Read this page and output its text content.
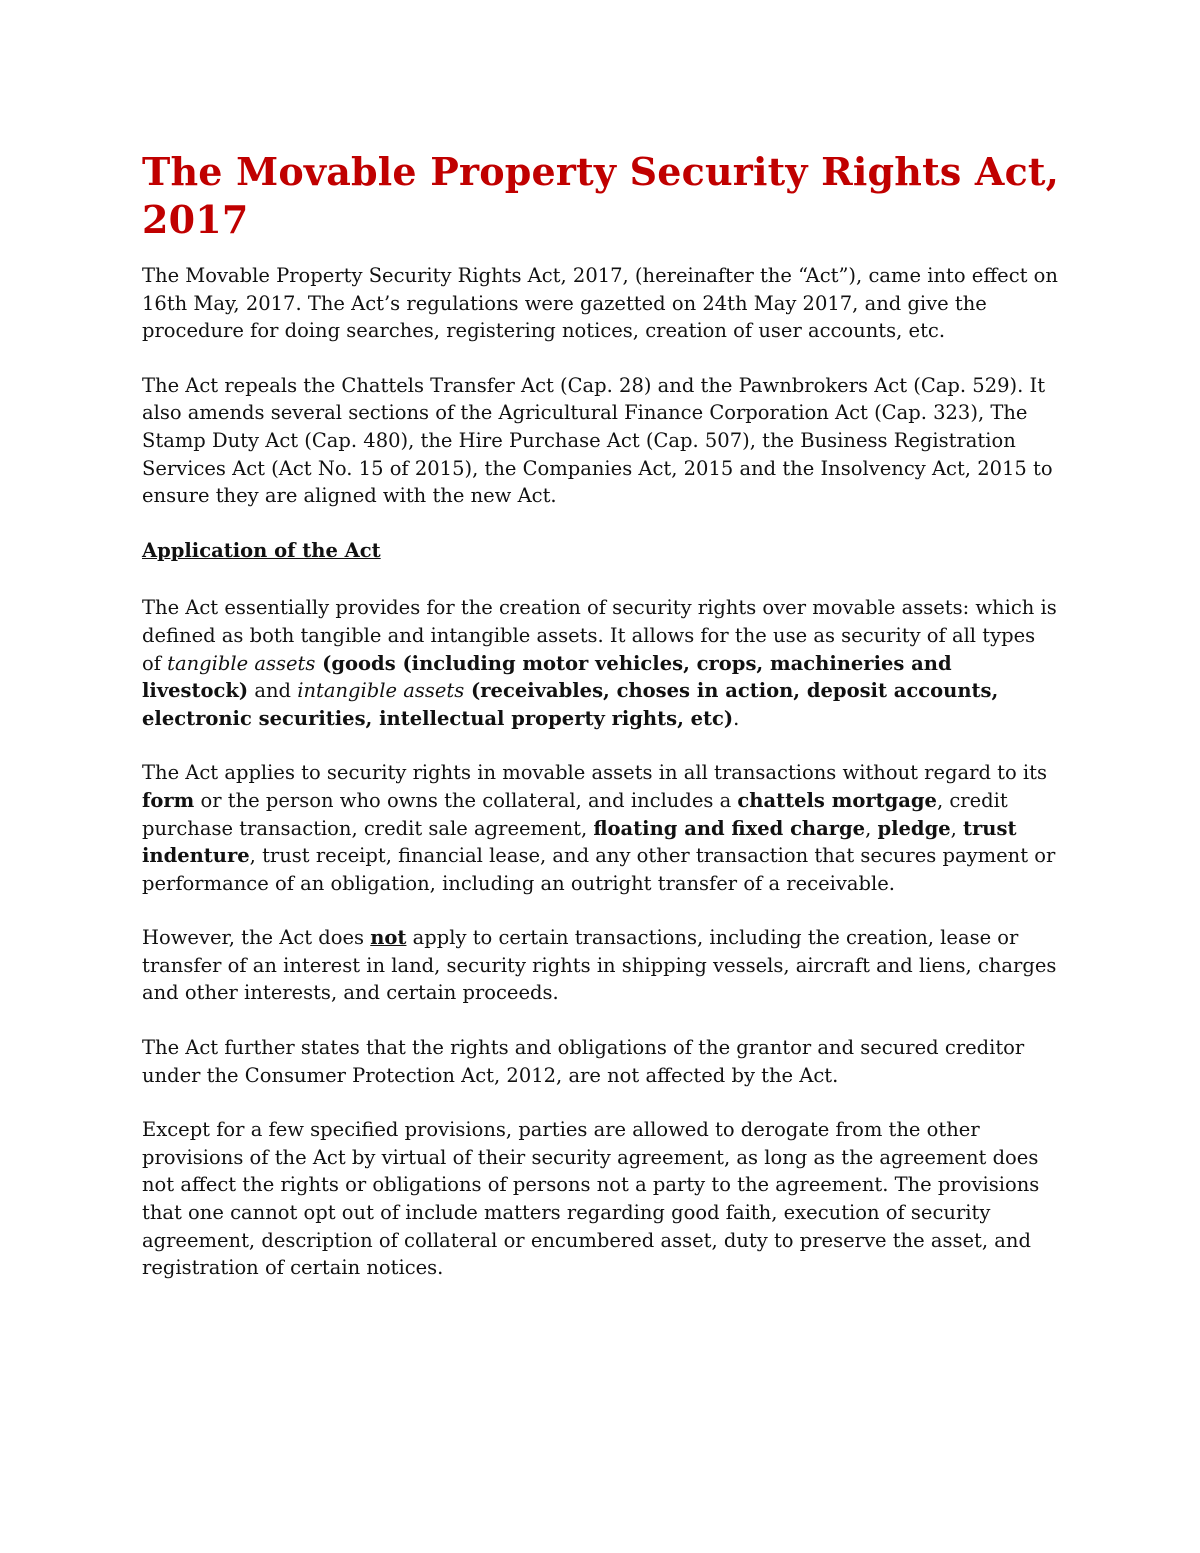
The Movable Property Security Rights Act, 2017

The Movable Property Security Rights Act, 2017, (hereinafter the “Act”), came into effect on 16th May, 2017. The Act’s regulations were gazetted on 24th May 2017, and give the procedure for doing searches, registering notices, creation of user accounts, etc.

The Act repeals the Chattels Transfer Act (Cap. 28) and the Pawnbrokers Act (Cap. 529). It also amends several sections of the Agricultural Finance Corporation Act (Cap. 323), The Stamp Duty Act (Cap. 480), the Hire Purchase Act (Cap. 507), the Business Registration Services Act (Act No. 15 of 2015), the Companies Act, 2015 and the Insolvency Act, 2015 to ensure they are aligned with the new Act.

Application of the Act

The Act essentially provides for the creation of security rights over movable assets: which is defined as both tangible and intangible assets. It allows for the use as security of all types of tangible assets (goods (including motor vehicles, crops, machineries and livestock) and intangible assets (receivables, choses in action, deposit accounts, electronic securities, intellectual property rights, etc).

The Act applies to security rights in movable assets in all transactions without regard to its form or the person who owns the collateral, and includes a chattels mortgage, credit purchase transaction, credit sale agreement, floating and fixed charge, pledge, trust indenture, trust receipt, financial lease, and any other transaction that secures payment or performance of an obligation, including an outright transfer of a receivable.

However, the Act does not apply to certain transactions, including the creation, lease or transfer of an interest in land, security rights in shipping vessels, aircraft and liens, charges and other interests, and certain proceeds.

The Act further states that the rights and obligations of the grantor and secured creditor under the Consumer Protection Act, 2012, are not affected by the Act.

Except for a few specified provisions, parties are allowed to derogate from the other provisions of the Act by virtual of their security agreement, as long as the agreement does not affect the rights or obligations of persons not a party to the agreement. The provisions that one cannot opt out of include matters regarding good faith, execution of security agreement, description of collateral or encumbered asset, duty to preserve the asset, and registration of certain notices.
